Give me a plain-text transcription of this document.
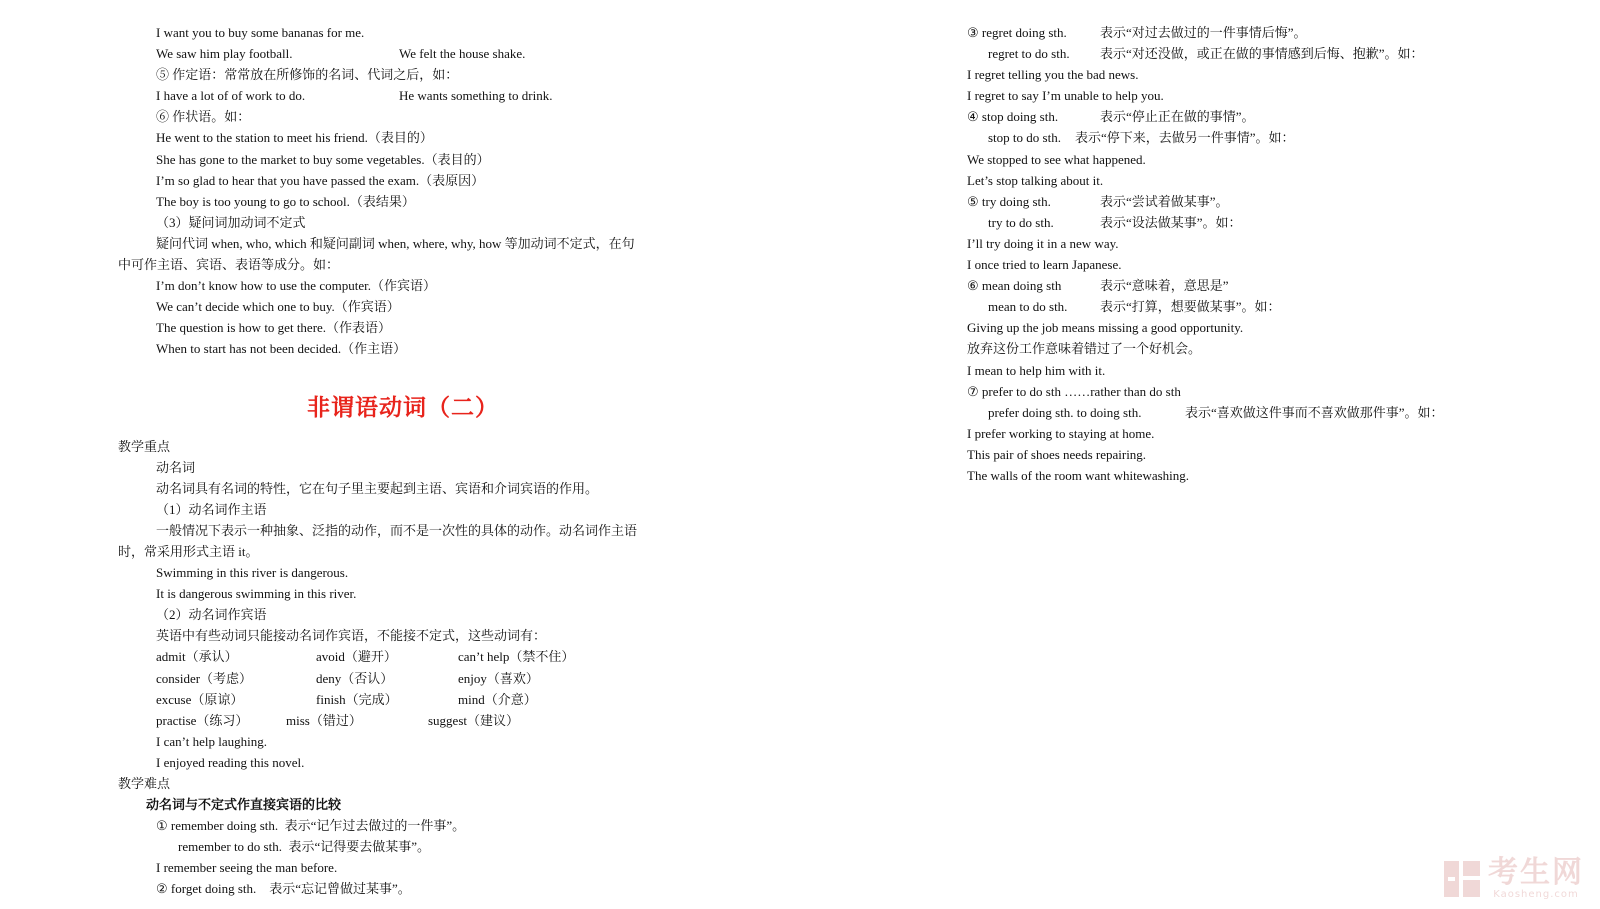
I want you to buy some bananas for me.
We saw him play football.	We felt the house shake.
⑤ 作定语：常常放在所修饰的名词、代词之后，如：
I have a lot of of work to do.	He wants something to drink.
⑥ 作状语。如：
He went to the station to meet his friend.（表目的）
She has gone to the market to buy some vegetables.（表目的）
I’m so glad to hear that you have passed the exam.（表原因）
The boy is too young to go to school.（表结果）
（3）疑问词加动词不定式
疑问代词 when, who, which 和疑问副词 when, where, why, how 等加动词不定式，在句
中可作主语、宾语、表语等成分。如：
I’m don’t know how to use the computer.（作宾语）
We can’t decide which one to buy.（作宾语）
The question is how to get there.（作表语）
When to start has not been decided.（作主语）
非谓语动词（二）
教学重点
动名词
动名词具有名词的特性，它在句子里主要起到主语、宾语和介词宾语的作用。
（1）动名词作主语
一般情况下表示一种抽象、泛指的动作，而不是一次性的具体的动作。动名词作主语
时，常采用形式主语 it。
Swimming in this river is dangerous.
It is dangerous swimming in this river.
（2）动名词作宾语
英语中有些动词只能接动名词作宾语，不能接不定式，这些动词有：
admit（承认）	avoid（避开）	can’t help（禁不住）
consider（考虑）	deny（否认）	enjoy（喜欢）
excuse（原谅）	finish（完成）	mind（介意）
practise（练习）	miss（错过）	suggest（建议）
I can’t help laughing.
I enjoyed reading this novel.
教学难点
动名词与不定式作直接宾语的比较
① remember doing sth.  表示“记乍过去做过的一件事”。
remember to do sth.  表示“记得要去做某事”。
I remember seeing the man before.
② forget doing sth.    表示“忘记曾做过某事”。
③ regret doing sth.	表示“对过去做过的一件事情后悔”。
regret to do sth. 表示“对还没做，或正在做的事情感到后悔、抱歉”。如：
I regret telling you the bad news.
I regret to say I’m unable to help you.
④ stop doing sth.	表示“停止正在做的事情”。
stop to do sth. 表示“停下来，去做另一件事情”。如：
We stopped to see what happened.
Let’s stop talking about it.
⑤ try doing sth.	表示“尝试着做某事”。
try to do sth.	表示“设法做某事”。如：
I’ll try doing it in a new way.
I once tried to learn Japanese.
⑥ mean doing sth	表示“意味着，意思是”
mean to do sth.	表示“打算，想要做某事”。如：
Giving up the job means missing a good opportunity.
放弃这份工作意味着错过了一个好机会。
I mean to help him with it.
⑦ prefer to do sth ……rather than do sth
prefer doing sth. to doing sth.	表示“喜欢做这件事而不喜欢做那件事”。如：
I prefer working to staying at home.
This pair of shoes needs repairing.
The walls of the room want whitewashing.
考生网
Kaosheng.com
